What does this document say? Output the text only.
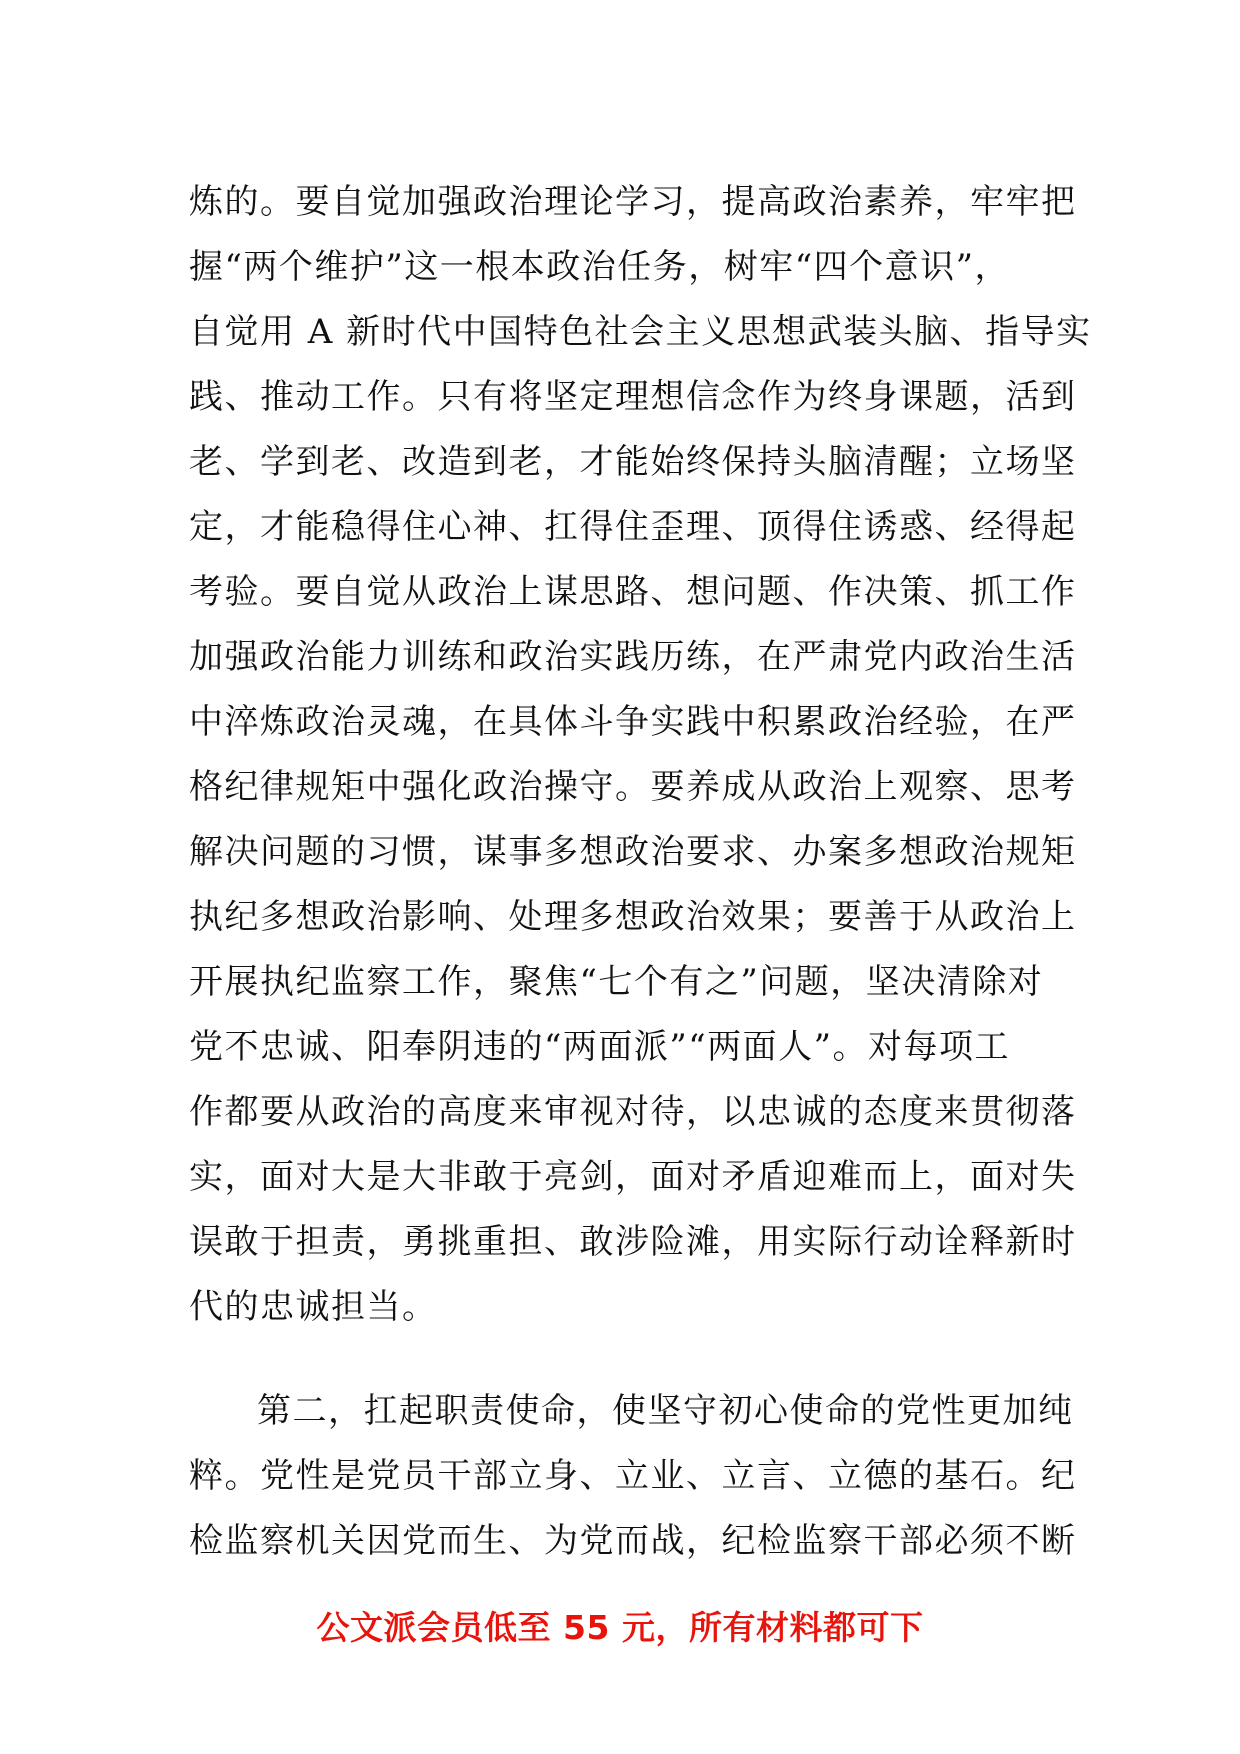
炼的。要自觉加强政治理论学习，提高政治素养，牢牢把
握“两个维护”这一根本政治任务，树牢“四个意识”，
自觉用 A 新时代中国特色社会主义思想武装头脑、指导实
践、推动工作。只有将坚定理想信念作为终身课题，活到
老、学到老、改造到老，才能始终保持头脑清醒；立场坚
定，才能稳得住心神、扛得住歪理、顶得住诱惑、经得起
考验。要自觉从政治上谋思路、想问题、作决策、抓工作
加强政治能力训练和政治实践历练，在严肃党内政治生活
中淬炼政治灵魂，在具体斗争实践中积累政治经验，在严
格纪律规矩中强化政治操守。要养成从政治上观察、思考
解决问题的习惯，谋事多想政治要求、办案多想政治规矩
执纪多想政治影响、处理多想政治效果；要善于从政治上
开展执纪监察工作，聚焦“七个有之”问题，坚决清除对
党不忠诚、阳奉阴违的“两面派”“两面人”。对每项工
作都要从政治的高度来审视对待，以忠诚的态度来贯彻落
实，面对大是大非敢于亮剑，面对矛盾迎难而上，面对失
误敢于担责，勇挑重担、敢涉险滩，用实际行动诠释新时
代的忠诚担当。
第二，扛起职责使命，使坚守初心使命的党性更加纯
粹。党性是党员干部立身、立业、立言、立德的基石。纪
检监察机关因党而生、为党而战，纪检监察干部必须不断
公文派会员低至 55 元，所有材料都可下
